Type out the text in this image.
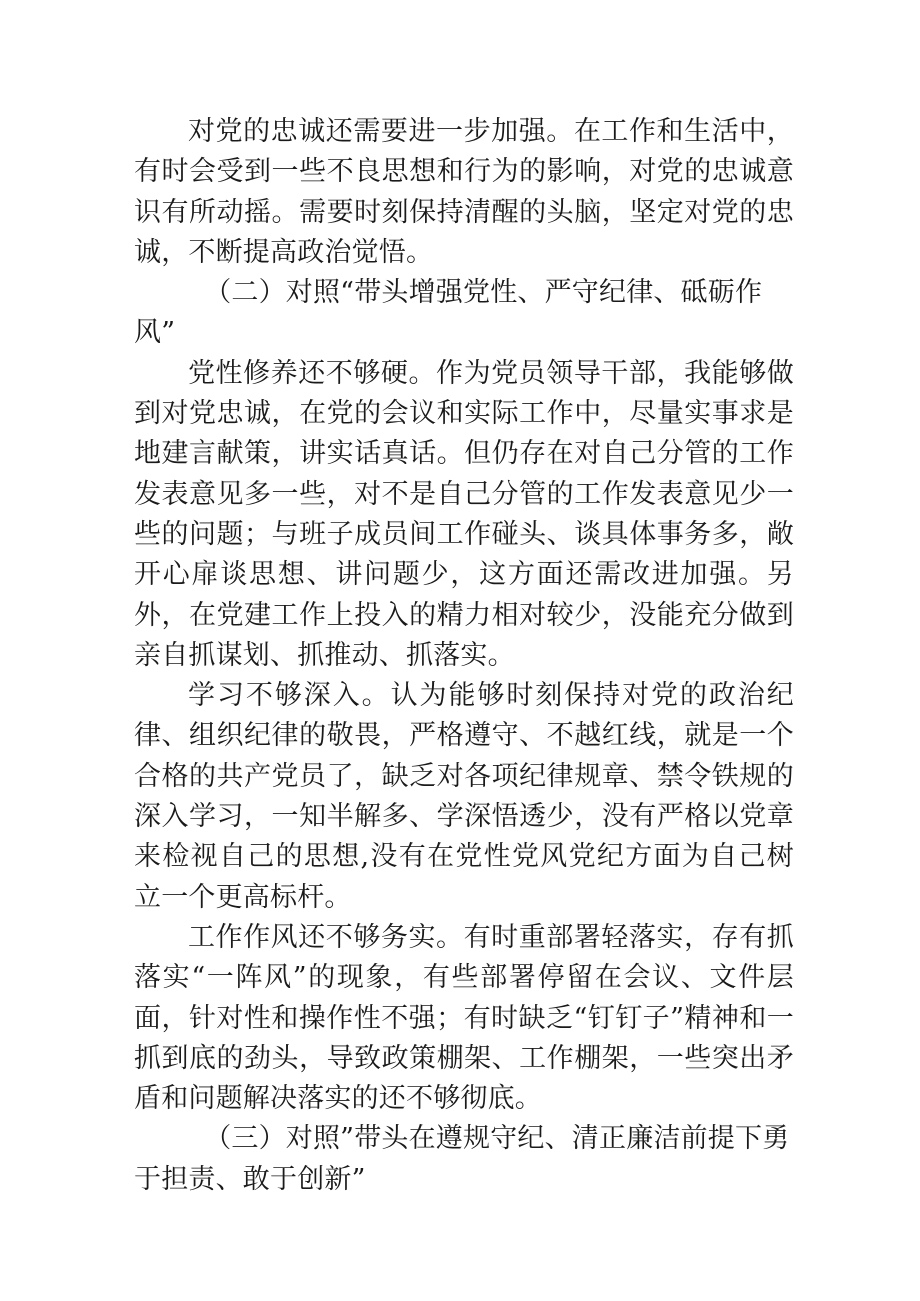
对党的忠诚还需要进一步加强。在工作和生活中，有时会受到一些不良思想和行为的影响，对党的忠诚意识有所动摇。需要时刻保持清醒的头脑，坚定对党的忠诚，不断提高政治觉悟。

（二）对照“带头增强党性、严守纪律、砥砺作风”

党性修养还不够硬。作为党员领导干部，我能够做到对党忠诚，在党的会议和实际工作中，尽量实事求是地建言献策，讲实话真话。但仍存在对自己分管的工作发表意见多一些，对不是自己分管的工作发表意见少一些的问题；与班子成员间工作碰头、谈具体事务多，敞开心扉谈思想、讲问题少，这方面还需改进加强。另外，在党建工作上投入的精力相对较少，没能充分做到亲自抓谋划、抓推动、抓落实。

学习不够深入。认为能够时刻保持对党的政治纪律、组织纪律的敬畏，严格遵守、不越红线，就是一个合格的共产党员了，缺乏对各项纪律规章、禁令铁规的深入学习，一知半解多、学深悟透少，没有严格以党章来检视自己的思想,没有在党性党风党纪方面为自己树立一个更高标杆。

工作作风还不够务实。有时重部署轻落实，存有抓落实“一阵风”的现象，有些部署停留在会议、文件层面，针对性和操作性不强；有时缺乏“钉钉子”精神和一抓到底的劲头，导致政策棚架、工作棚架，一些突出矛盾和问题解决落实的还不够彻底。

（三）对照”带头在遵规守纪、清正廉洁前提下勇于担责、敢于创新”
